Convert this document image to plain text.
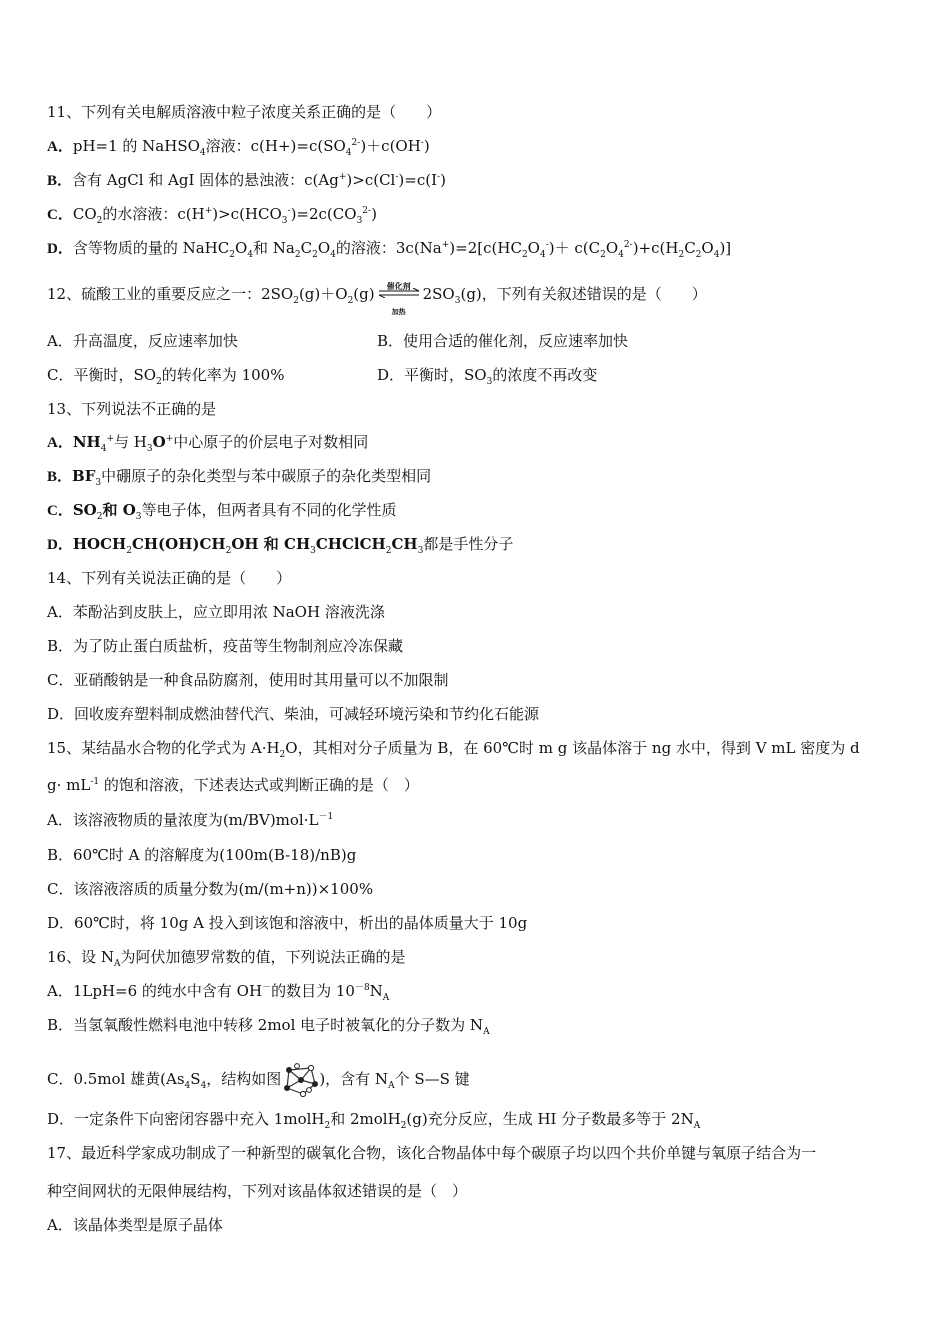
11、下列有关电解质溶液中粒子浓度关系正确的是（　　）
A．pH=1 的 NaHSO$_4$溶液：$c(H+)=c(SO_4^{2-})+c(OH^-)$
B．含有 AgCl 和 AgI 固体的悬浊液：c(Ag+)>c(Cl-)=c(I-)
C．$CO_2$的水溶液：$c(H^+)>c(HCO_3^-)=2c(CO_3^{2-})$
D．含等物质的量的 $NaHC_2O_4$和 $Na_2C_2O_4$的溶液：$3c(Na^+)=2[c(HC_2O_4^-)+ c(C_2O_4^{2-})+c(H_2C_2O_4)]$
12、硫酸工业的重要反应之一：$2SO_2(g)+O_2(g)$	催化剂
加热
$2SO_3(g)$，下列有关叙述错误的是（　　）
A．升高温度，反应速率加快	B．使用合适的催化剂，反应速率加快
C．平衡时，$SO_2$的转化率为 100%	D．平衡时，$SO_3$的浓度不再改变
13、下列说法不正确的是
A．$NH_4^+$与 $H_3O^+$中心原子的价层电子对数相同
B．$BF_3$中硼原子的杂化类型与苯中碳原子的杂化类型相同
C．$SO_2$和 $O_3$等电子体，但两者具有不同的化学性质
D．$HOCH_2CH(OH)CH_2OH$ 和 $CH_3CHClCH_2CH_3$都是手性分子
14、下列有关说法正确的是（　　）
A．苯酚沾到皮肤上，应立即用浓 NaOH 溶液洗涤
B．为了防止蛋白质盐析，疫苗等生物制剂应冷冻保藏
C．亚硝酸钠是一种食品防腐剂，使用时其用量可以不加限制
D．回收废弃塑料制成燃油替代汽、柴油，可减轻环境污染和节约化石能源
15、某结晶水合物的化学式为 $A\cdot H_2O$，其相对分子质量为 B，在 60℃时 m g 该晶体溶于 ng 水中，得到 V mL 密度为 d
$g\cdot mL^{-1}$ 的饱和溶液，下述表达式或判断正确的是（　）
A．该溶液物质的量浓度为$(m/BV)mol\cdot L^{-1}$
B．60℃时 A 的溶解度为(100m(B-18)/nB)g
C．该溶液溶质的质量分数为(m/(m+n))×100%
D．60℃时，将 10g A 投入到该饱和溶液中，析出的晶体质量大于 10g
16、设 $N_A$为阿伏加德罗常数的值，下列说法正确的是
A．1LpH=6 的纯水中含有 OH－的数目为 $10^{-8}N_A$
B．当氢氧酸性燃料电池中转移 2mol 电子时被氧化的分子数为 $N_A$
C．0.5mol 雄黄($As_4S_4$，结构如图	)，含有 $N_A$个 S—S 键
D．一定条件下向密闭容器中充入 1molH$_2$和 2molH$_2$(g)充分反应，生成 HI 分子数最多等于 $2N_A$
17、最近科学家成功制成了一种新型的碳氧化合物，该化合物晶体中每个碳原子均以四个共价单键与氧原子结合为一
种空间网状的无限伸展结构，下列对该晶体叙述错误的是（　）
A．该晶体类型是原子晶体
